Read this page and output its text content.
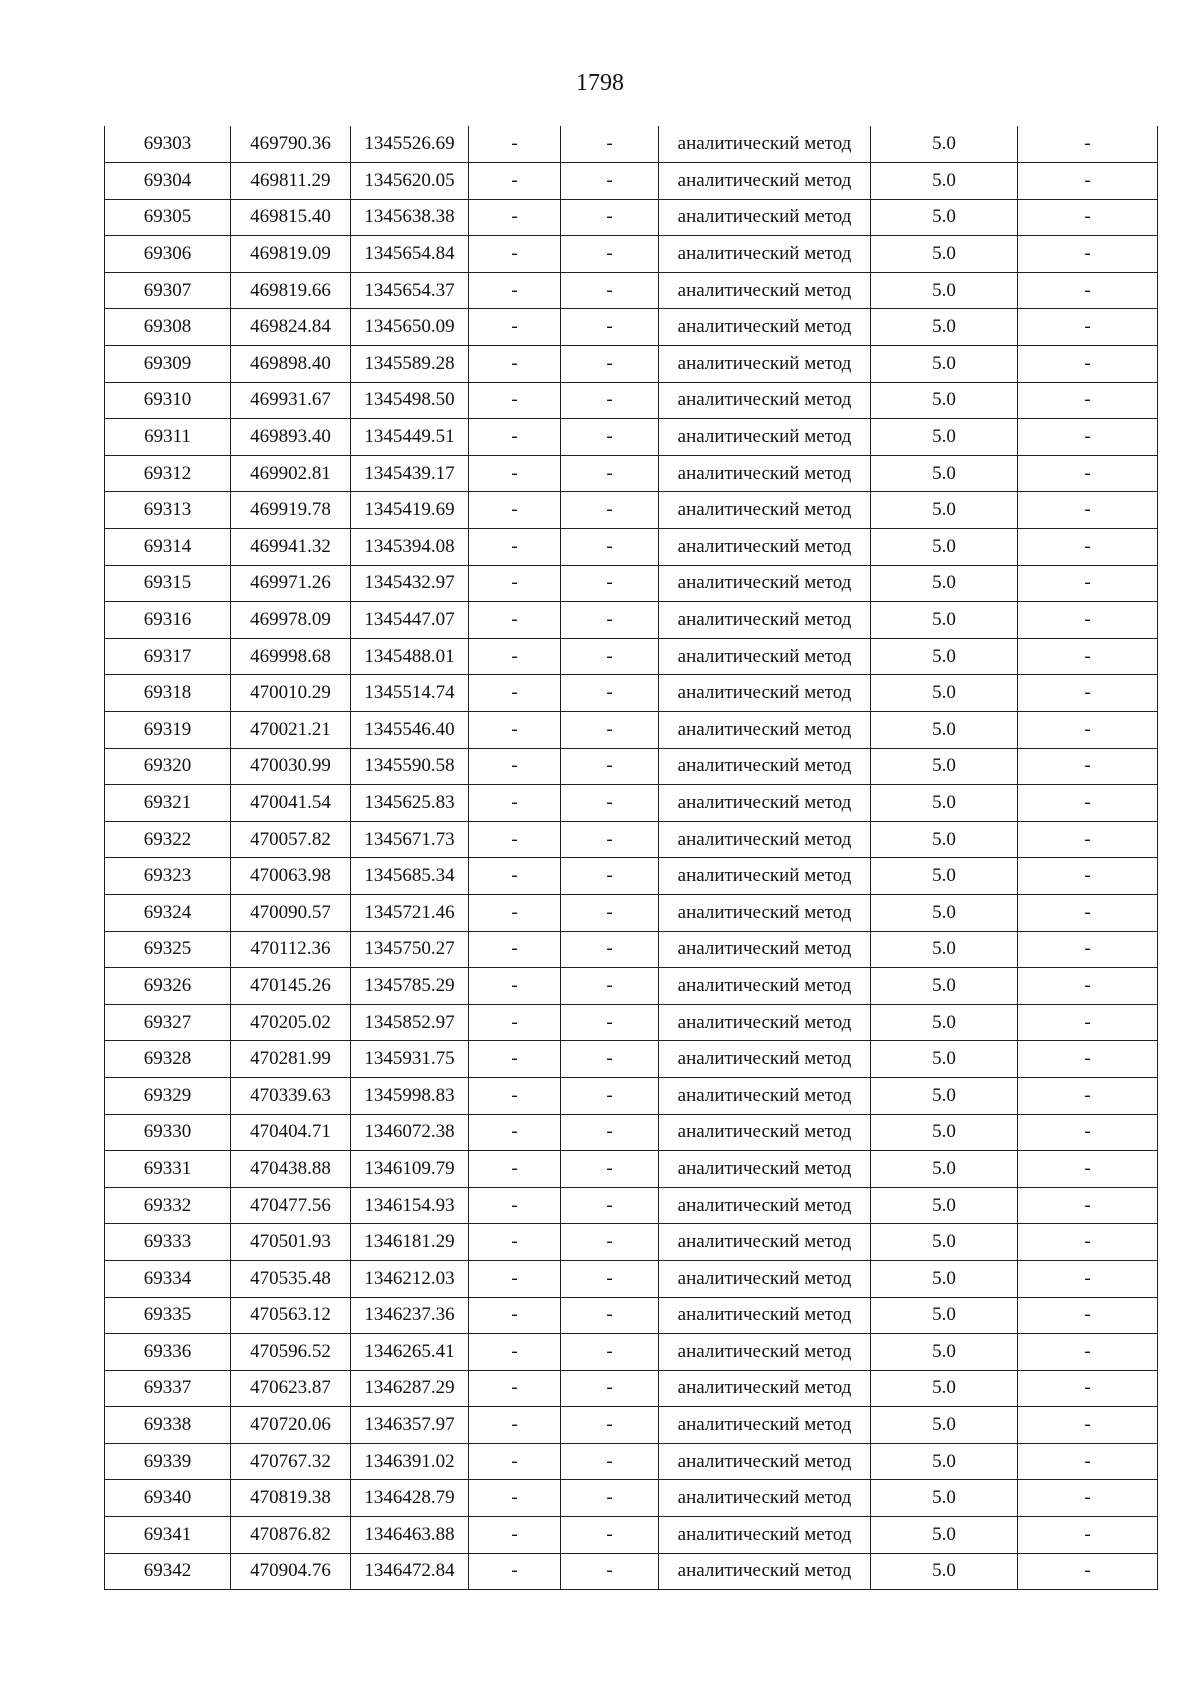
1798
69303	469790.36	1345526.69	-	-	аналитический метод	5.0	-
69304	469811.29	1345620.05	-	-	аналитический метод	5.0	-
69305	469815.40	1345638.38	-	-	аналитический метод	5.0	-
69306	469819.09	1345654.84	-	-	аналитический метод	5.0	-
69307	469819.66	1345654.37	-	-	аналитический метод	5.0	-
69308	469824.84	1345650.09	-	-	аналитический метод	5.0	-
69309	469898.40	1345589.28	-	-	аналитический метод	5.0	-
69310	469931.67	1345498.50	-	-	аналитический метод	5.0	-
69311	469893.40	1345449.51	-	-	аналитический метод	5.0	-
69312	469902.81	1345439.17	-	-	аналитический метод	5.0	-
69313	469919.78	1345419.69	-	-	аналитический метод	5.0	-
69314	469941.32	1345394.08	-	-	аналитический метод	5.0	-
69315	469971.26	1345432.97	-	-	аналитический метод	5.0	-
69316	469978.09	1345447.07	-	-	аналитический метод	5.0	-
69317	469998.68	1345488.01	-	-	аналитический метод	5.0	-
69318	470010.29	1345514.74	-	-	аналитический метод	5.0	-
69319	470021.21	1345546.40	-	-	аналитический метод	5.0	-
69320	470030.99	1345590.58	-	-	аналитический метод	5.0	-
69321	470041.54	1345625.83	-	-	аналитический метод	5.0	-
69322	470057.82	1345671.73	-	-	аналитический метод	5.0	-
69323	470063.98	1345685.34	-	-	аналитический метод	5.0	-
69324	470090.57	1345721.46	-	-	аналитический метод	5.0	-
69325	470112.36	1345750.27	-	-	аналитический метод	5.0	-
69326	470145.26	1345785.29	-	-	аналитический метод	5.0	-
69327	470205.02	1345852.97	-	-	аналитический метод	5.0	-
69328	470281.99	1345931.75	-	-	аналитический метод	5.0	-
69329	470339.63	1345998.83	-	-	аналитический метод	5.0	-
69330	470404.71	1346072.38	-	-	аналитический метод	5.0	-
69331	470438.88	1346109.79	-	-	аналитический метод	5.0	-
69332	470477.56	1346154.93	-	-	аналитический метод	5.0	-
69333	470501.93	1346181.29	-	-	аналитический метод	5.0	-
69334	470535.48	1346212.03	-	-	аналитический метод	5.0	-
69335	470563.12	1346237.36	-	-	аналитический метод	5.0	-
69336	470596.52	1346265.41	-	-	аналитический метод	5.0	-
69337	470623.87	1346287.29	-	-	аналитический метод	5.0	-
69338	470720.06	1346357.97	-	-	аналитический метод	5.0	-
69339	470767.32	1346391.02	-	-	аналитический метод	5.0	-
69340	470819.38	1346428.79	-	-	аналитический метод	5.0	-
69341	470876.82	1346463.88	-	-	аналитический метод	5.0	-
69342	470904.76	1346472.84	-	-	аналитический метод	5.0	-
